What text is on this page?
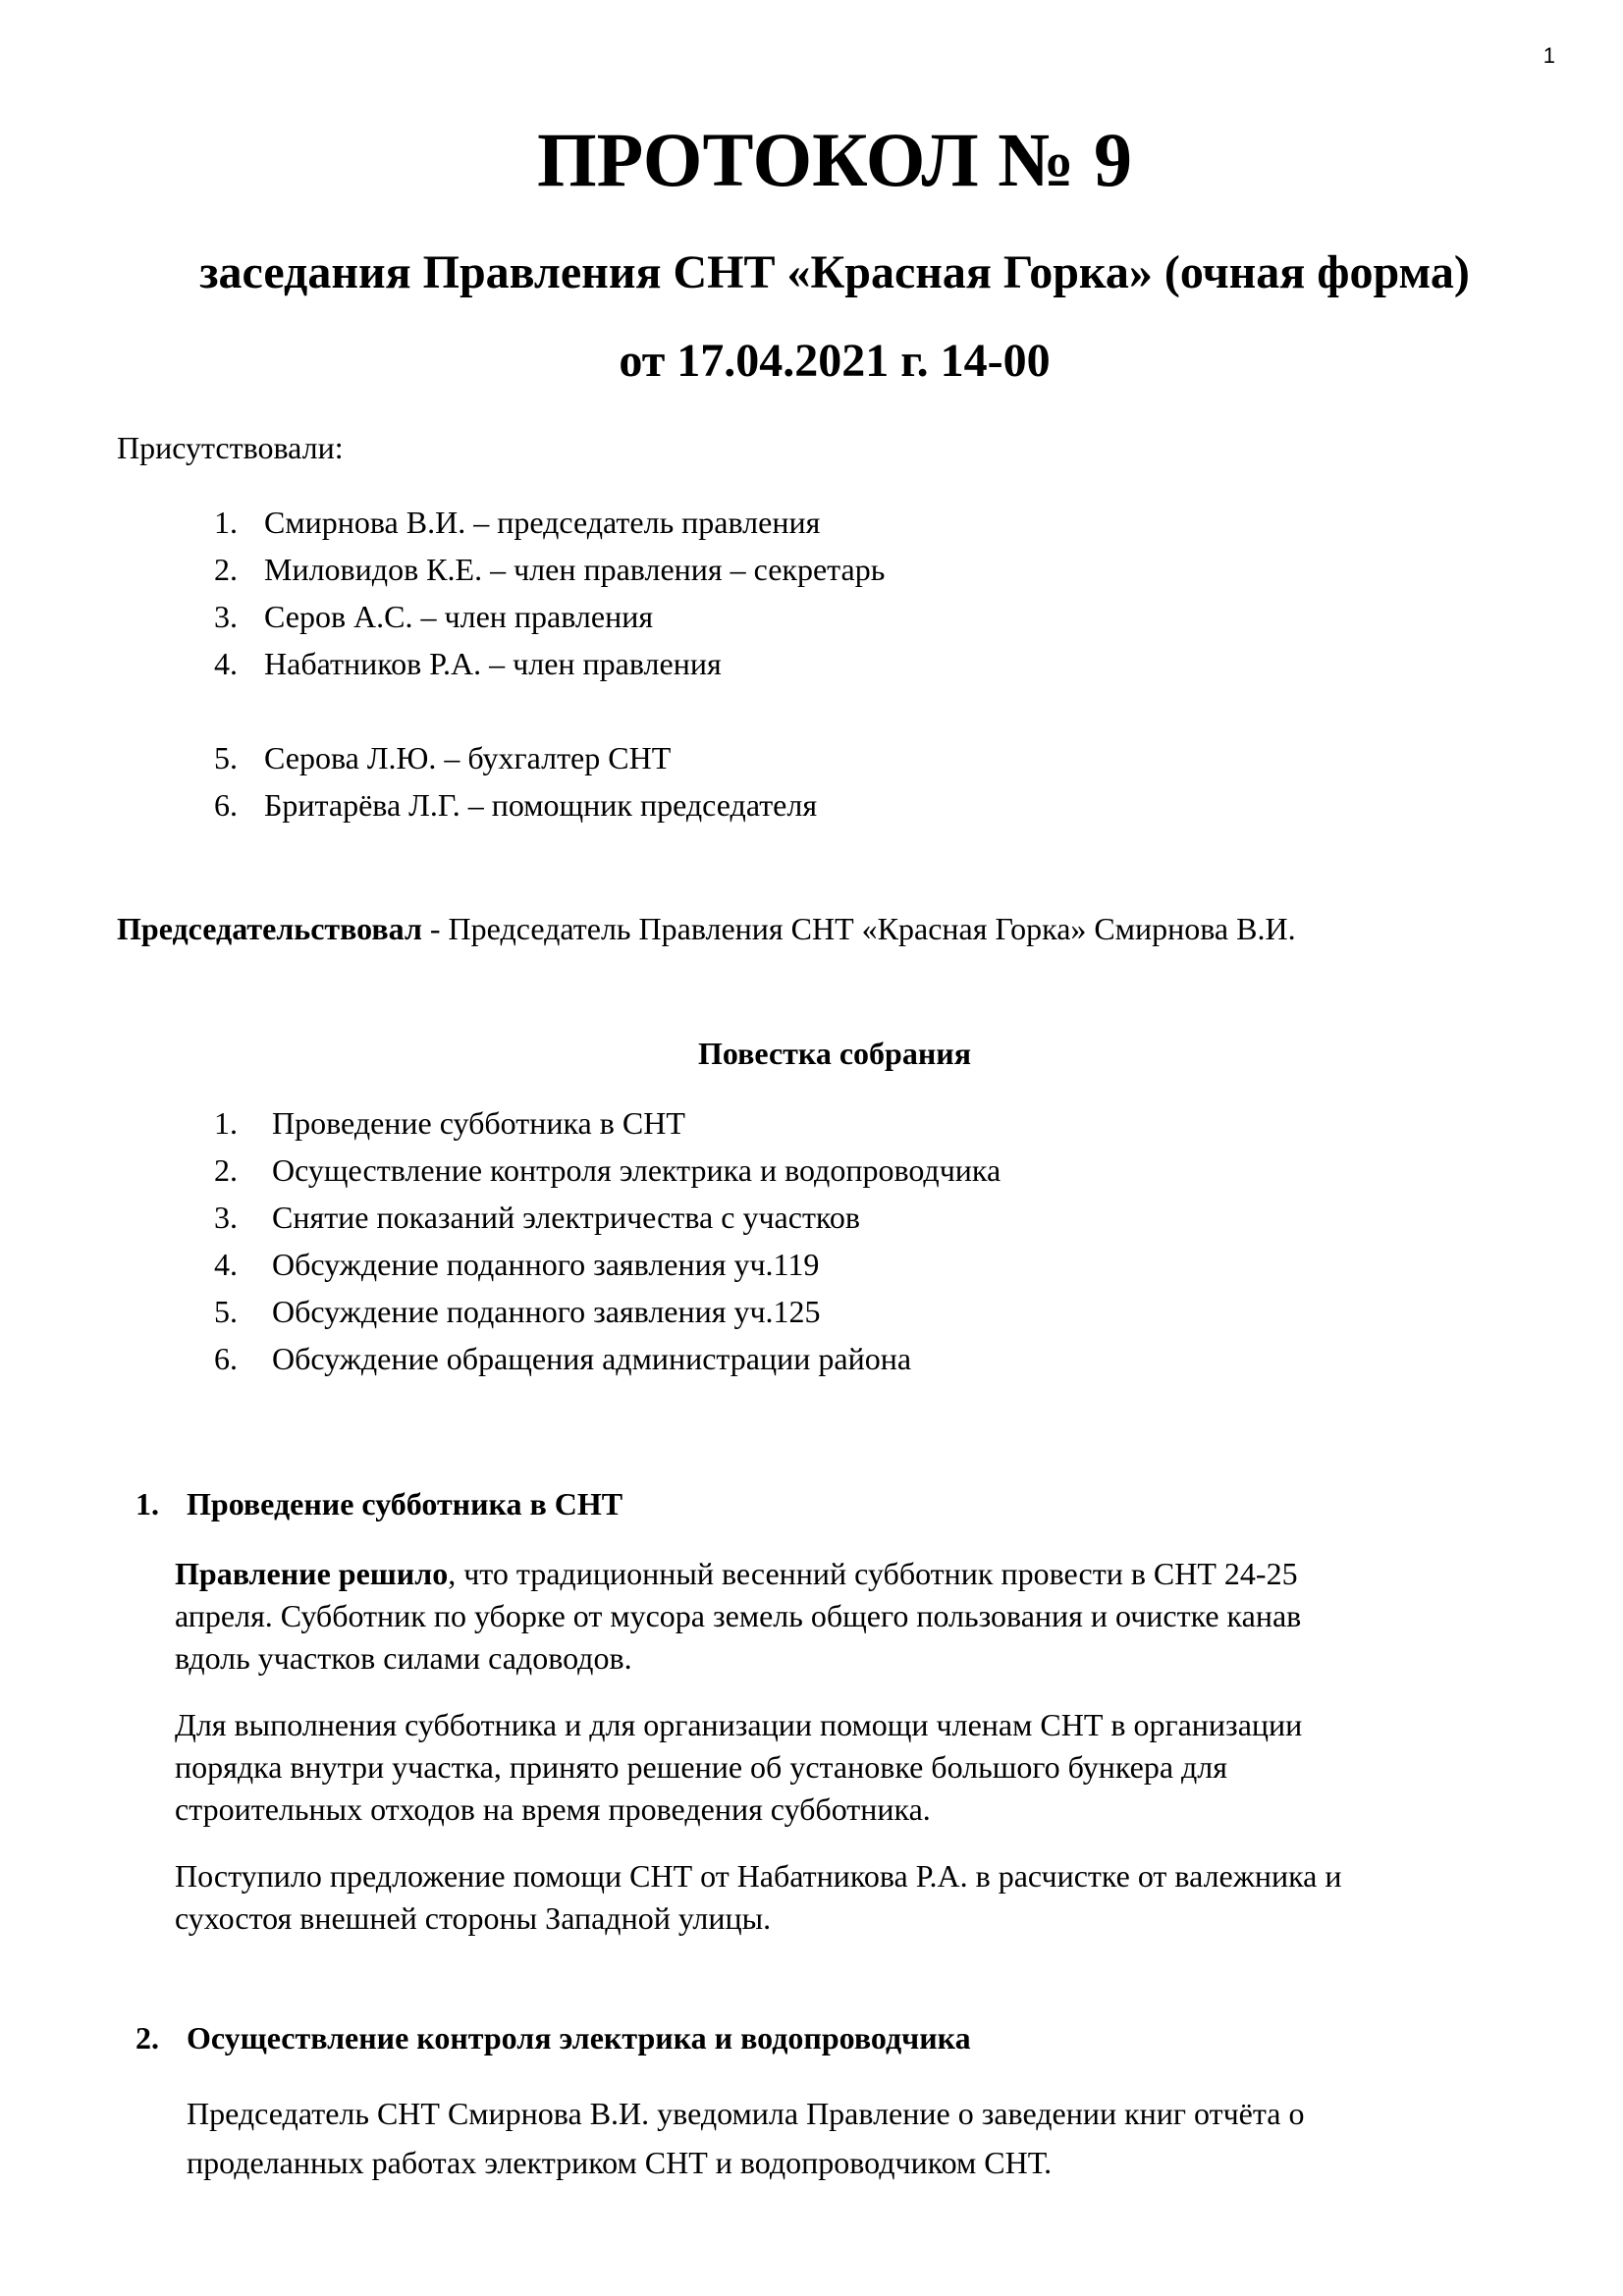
1
ПРОТОКОЛ № 9
заседания Правления СНТ «Красная Горка» (очная форма)
от 17.04.2021 г. 14-00
Присутствовали:
1. Смирнова В.И. – председатель правления
2. Миловидов К.Е. – член правления – секретарь
3. Серов А.С. – член правления
4. Набатников Р.А. – член правления
5. Серова Л.Ю. – бухгалтер СНТ
6. Бритарёва Л.Г. – помощник председателя
Председательствовал - Председатель Правления СНТ «Красная Горка» Смирнова В.И.
Повестка собрания
1. Проведение субботника в СНТ
2. Осуществление контроля электрика и водопроводчика
3. Снятие показаний электричества с участков
4. Обсуждение поданного заявления уч.119
5. Обсуждение поданного заявления уч.125
6. Обсуждение обращения администрации района
1. Проведение субботника в СНТ
Правление решило, что традиционный весенний субботник провести в СНТ 24-25
апреля. Субботник по уборке от мусора земель общего пользования и очистке канав
вдоль участков силами садоводов.
Для выполнения субботника и для организации помощи членам СНТ в организации
порядка внутри участка, принято решение об установке большого бункера для
строительных отходов на время проведения субботника.
Поступило предложение помощи СНТ от Набатникова Р.А. в расчистке от валежника и
сухостоя внешней стороны Западной улицы.
2. Осуществление контроля электрика и водопроводчика
Председатель СНТ Смирнова В.И. уведомила Правление о заведении книг отчёта о
проделанных работах электриком СНТ и водопроводчиком СНТ.
